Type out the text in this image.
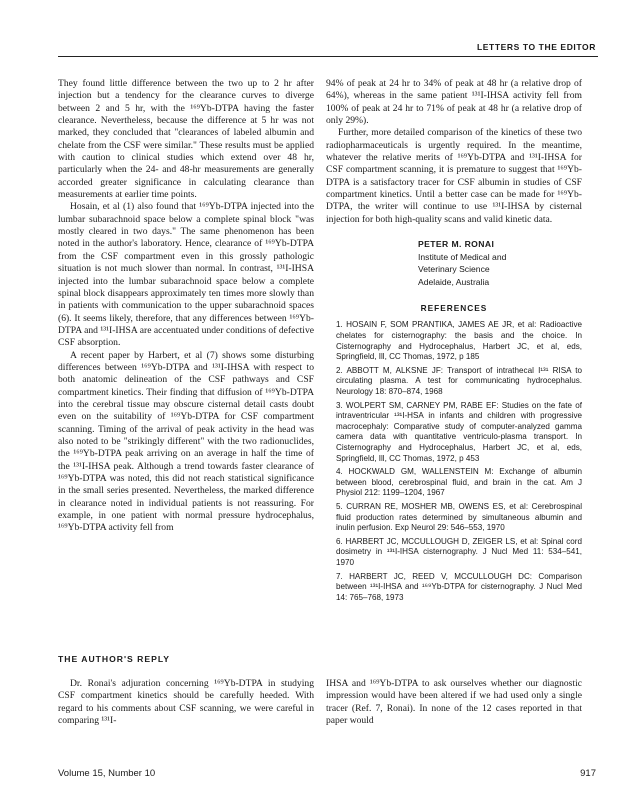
LETTERS TO THE EDITOR

They found little difference between the two up to 2 hr after injection but a tendency for the clearance curves to diverge between 2 and 5 hr, with the ¹⁶⁹Yb-DTPA having the faster clearance. Nevertheless, because the difference at 5 hr was not marked, they concluded that "clearances of labeled albumin and chelate from the CSF were similar." These results must be applied with caution to clinical studies which extend over 48 hr, particularly when the 24- and 48-hr measurements are generally accorded greater significance in calculating clearance than measurements at earlier time points.

Hosain, et al (1) also found that ¹⁶⁹Yb-DTPA injected into the lumbar subarachnoid space below a complete spinal block "was mostly cleared in two days." The same phenomenon has been noted in the author's laboratory. Hence, clearance of ¹⁶⁹Yb-DTPA from the CSF compartment even in this grossly pathologic situation is not much slower than normal. In contrast, ¹³¹I-IHSA injected into the lumbar subarachnoid space below a complete spinal block disappears approximately ten times more slowly than in patients with communication to the upper subarachnoid spaces (6). It seems likely, therefore, that any differences between ¹⁶⁹Yb-DTPA and ¹³¹I-IHSA are accentuated under conditions of defective CSF absorption.

A recent paper by Harbert, et al (7) shows some disturbing differences between ¹⁶⁹Yb-DTPA and ¹³¹I-IHSA with respect to both anatomic delineation of the CSF pathways and CSF compartment kinetics. Their finding that diffusion of ¹⁶⁹Yb-DTPA into the cerebral tissue may obscure cisternal detail casts doubt even on the suitability of ¹⁶⁹Yb-DTPA for CSF compartment scanning. Timing of the arrival of peak activity in the head was also noted to be "strikingly different" with the two radionuclides, the ¹⁶⁹Yb-DTPA peak arriving on an average in half the time of the ¹³¹I-IHSA peak. Although a trend towards faster clearance of ¹⁶⁹Yb-DTPA was noted, this did not reach statistical significance in the small series presented. Nevertheless, the marked difference in clearance noted in individual patients is not reassuring. For example, in one patient with normal pressure hydrocephalus, ¹⁶⁹Yb-DTPA activity fell from

94% of peak at 24 hr to 34% of peak at 48 hr (a relative drop of 64%), whereas in the same patient ¹³¹I-IHSA activity fell from 100% of peak at 24 hr to 71% of peak at 48 hr (a relative drop of only 29%).

Further, more detailed comparison of the kinetics of these two radiopharmaceuticals is urgently required. In the meantime, whatever the relative merits of ¹⁶⁹Yb-DTPA and ¹³¹I-IHSA for CSF compartment scanning, it is premature to suggest that ¹⁶⁹Yb-DTPA is a satisfactory tracer for CSF albumin in studies of CSF compartment kinetics. Until a better case can be made for ¹⁶⁹Yb-DTPA, the writer will continue to use ¹³¹I-IHSA by cisternal injection for both high-quality scans and valid kinetic data.

PETER M. RONAI
Institute of Medical and
Veterinary Science
Adelaide, Australia
REFERENCES
1. HOSAIN F, SOM PRANTIKA, JAMES AE JR, et al: Radioactive chelates for cisternography: the basis and the choice. In Cisternography and Hydrocephalus, Harbert JC, et al, eds, Springfield, Ill, CC Thomas, 1972, p 185
2. ABBOTT M, ALKSNE JF: Transport of intrathecal I¹³¹ RISA to circulating plasma. A test for communicating hydrocephalus. Neurology 18: 870–874, 1968
3. WOLPERT SM, CARNEY PM, RABE EF: Studies on the fate of intraventricular ¹³¹I-HSA in infants and children with progressive macrocephaly: Comparative study of computer-analyzed gamma camera data with quantitative ventriculo-plasma transport. In Cisternography and Hydrocephalus, Harbert JC, et al, eds, Springfield, Ill, CC Thomas, 1972, p 453
4. HOCKWALD GM, WALLENSTEIN M: Exchange of albumin between blood, cerebrospinal fluid, and brain in the cat. Am J Physiol 212: 1199–1204, 1967
5. CURRAN RE, MOSHER MB, OWENS ES, et al: Cerebrospinal fluid production rates determined by simultaneous albumin and inulin perfusion. Exp Neurol 29: 546–553, 1970
6. HARBERT JC, MCCULLOUGH D, ZEIGER LS, et al: Spinal cord dosimetry in ¹³¹I-IHSA cisternography. J Nucl Med 11: 534–541, 1970
7. HARBERT JC, REED V, MCCULLOUGH DC: Comparison between ¹³¹I-IHSA and ¹⁶⁹Yb-DTPA for cisternography. J Nucl Med 14: 765–768, 1973
THE AUTHOR'S REPLY

Dr. Ronai's adjuration concerning ¹⁶⁹Yb-DTPA in studying CSF compartment kinetics should be carefully heeded. With regard to his comments about CSF scanning, we were careful in comparing ¹³¹I-

IHSA and ¹⁶⁹Yb-DTPA to ask ourselves whether our diagnostic impression would have been altered if we had used only a single tracer (Ref. 7, Ronai). In none of the 12 cases reported in that paper would

Volume 15, Number 10	917
